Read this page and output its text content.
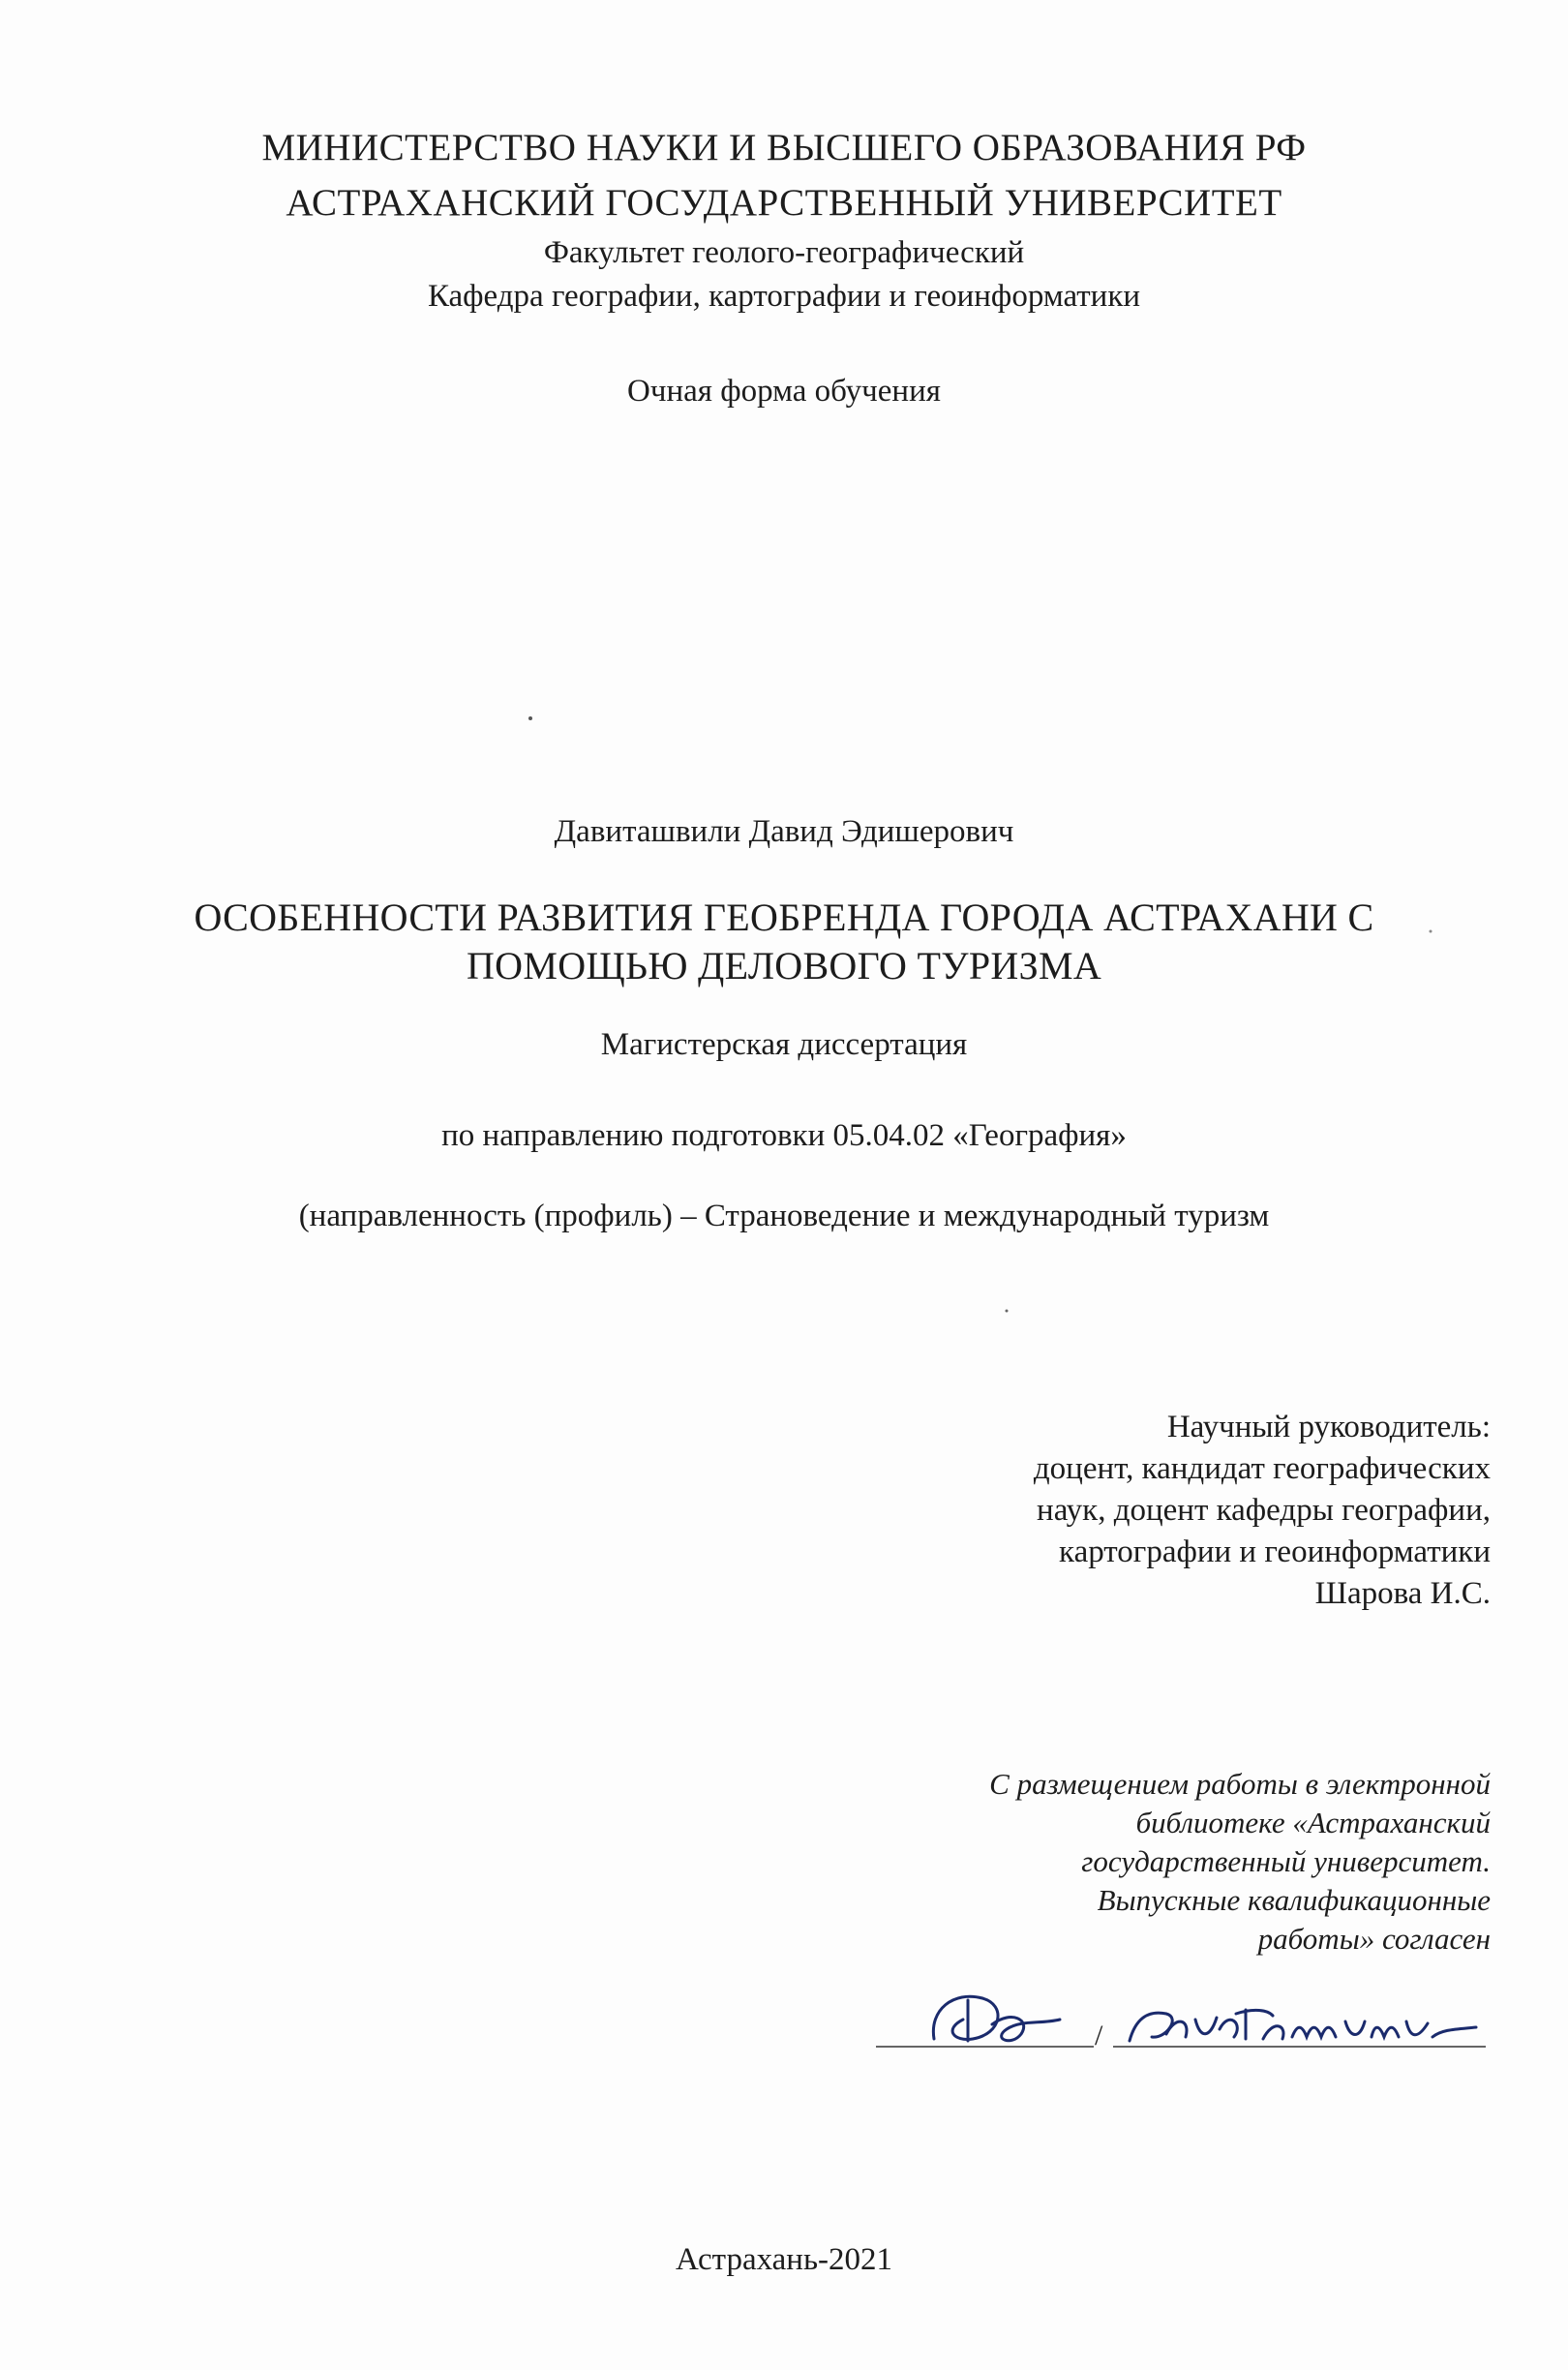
МИНИСТЕРСТВО НАУКИ И ВЫСШЕГО ОБРАЗОВАНИЯ РФ
АСТРАХАНСКИЙ ГОСУДАРСТВЕННЫЙ УНИВЕРСИТЕТ
Факультет геолого-географический
Кафедра географии, картографии и геоинформатики
Очная форма обучения
Давиташвили Давид Эдишерович
ОСОБЕННОСТИ РАЗВИТИЯ ГЕОБРЕНДА ГОРОДА АСТРАХАНИ С
ПОМОЩЬЮ ДЕЛОВОГО ТУРИЗМА
Магистерская диссертация
по направлению подготовки 05.04.02 «География»
(направленность (профиль) – Страноведение и международный туризм
Научный руководитель:
доцент, кандидат географических
наук, доцент кафедры географии,
картографии и геоинформатики
Шарова И.С.
С размещением работы в электронной
библиотеке «Астраханский
государственный университет.
Выпускные квалификационные
работы» согласен
/
Астрахань-2021
